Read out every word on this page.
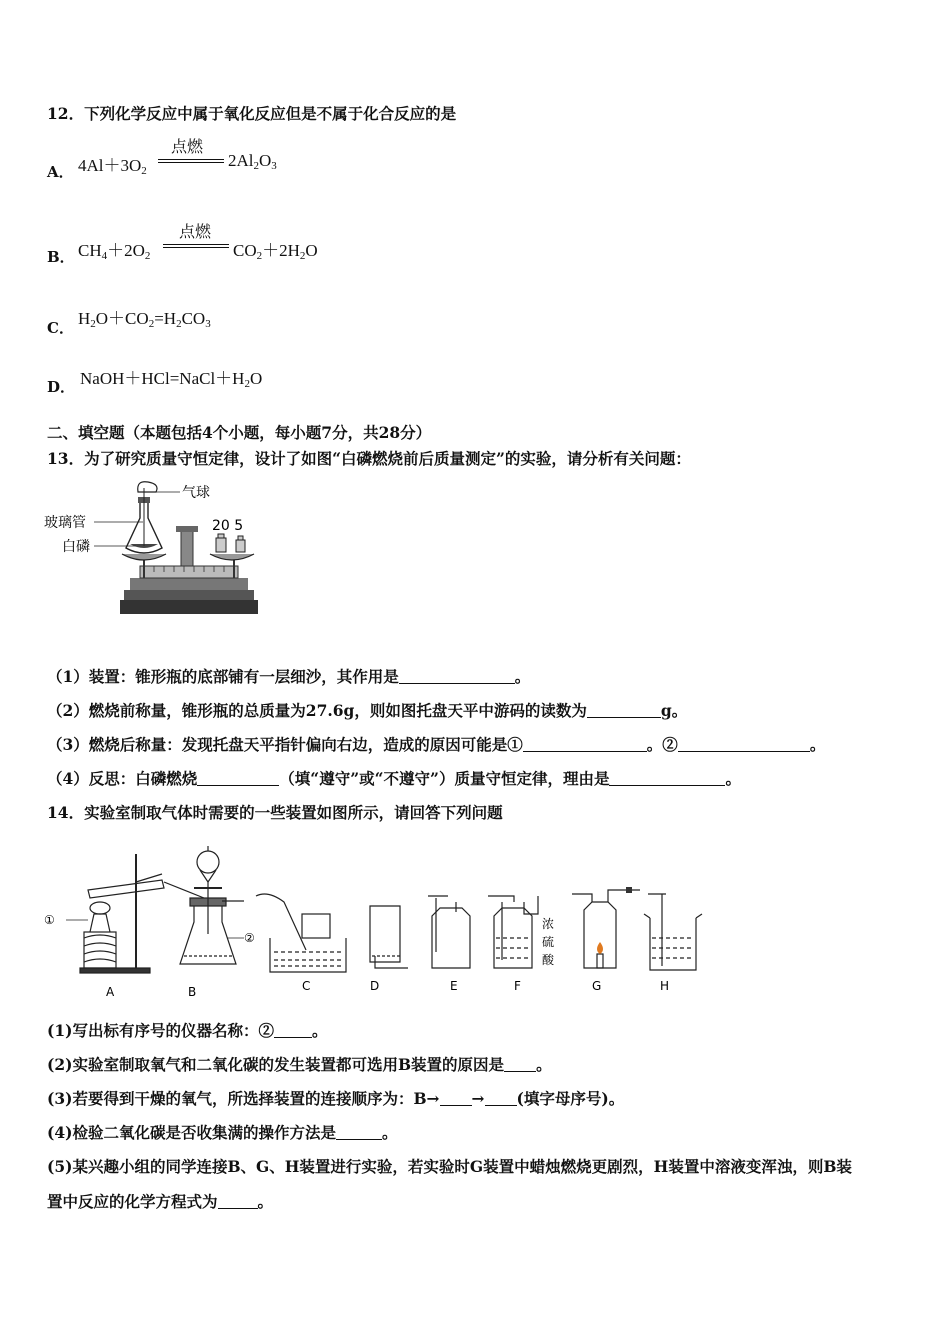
12．下列化学反应中属于氧化反应但是不属于化合反应的是
A． $4Al+3O_2$
点燃
$2Al_2O_3$
B． $CH_4+2O_2$
点燃
$CO_2+2H_2O$
C． $H_2O+CO_2=H_2CO_3$
D． $NaOH+HCl=NaCl+H_2O$
二、填空题（本题包括4个小题，每小题7分，共28分）
13．为了研究质量守恒定律，设计了如图“白磷燃烧前后质量测定”的实验，请分析有关问题：
气球
玻璃管
白磷
20 5
（1）装置：锥形瓶的底部铺有一层细沙，其作用是	。
（2）燃烧前称量，锥形瓶的总质量为27.6g，则如图托盘天平中游码的读数为	g。
（3）燃烧后称量：发现托盘天平指针偏向右边，造成的原因可能是①	。②	。
（4）反思：白磷燃烧	（填“遵守”或“不遵守”）质量守恒定律，理由是	。
14．实验室制取气体时需要的一些装置如图所示，请回答下列问题
①
②
浓
硫
酸
A	B	C	D	E	F	G	H
(1)写出标有序号的仪器名称：② 。
(2)实验室制取氧气和二氧化碳的发生装置都可选用B装置的原因是 。
(3)若要得到干燥的氧气，所选择装置的连接顺序为：B→ → (填字母序号)。
(4)检验二氧化碳是否收集满的操作方法是	。
(5)某兴趣小组的同学连接B、G、H装置进行实验，若实验时G装置中蜡烛燃烧更剧烈，H装置中溶液变浑浊，则B装
置中反应的化学方程式为	。
